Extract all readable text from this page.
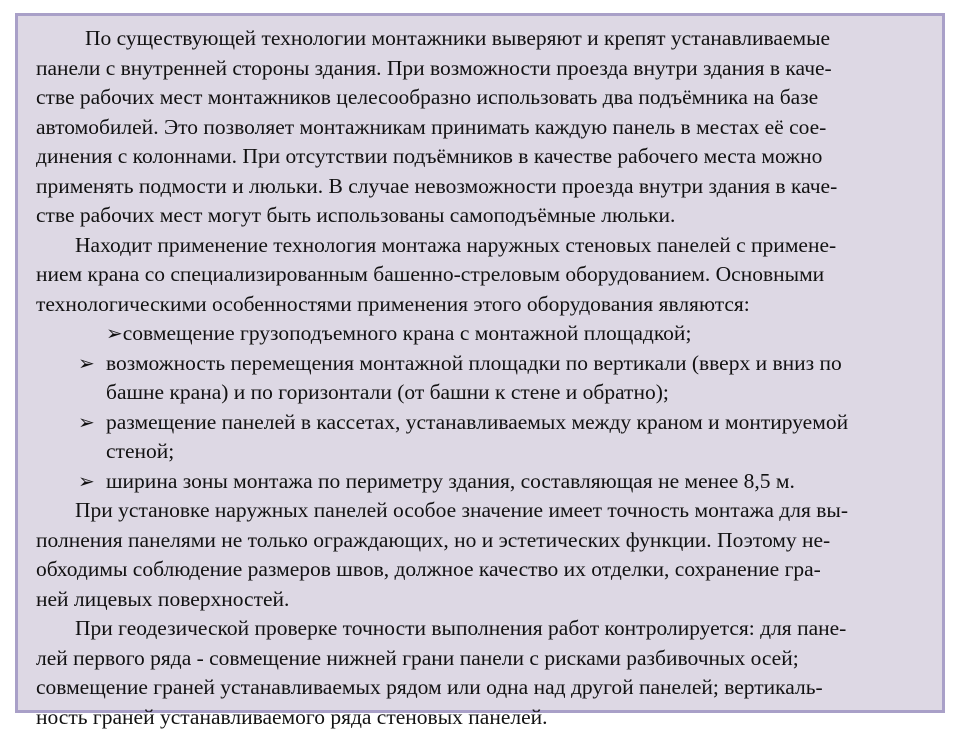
По существующей технологии монтажники выверяют и крепят устанавливаемые
панели с внутренней стороны здания. При возможности проезда внутри здания в каче-
стве рабочих мест монтажников целесообразно использовать два подъёмника на базе
автомобилей. Это позволяет монтажникам принимать каждую панель в местах её сое-
динения с колоннами. При отсутствии подъёмников в качестве рабочего места можно
применять подмости и люльки. В случае невозможности проезда внутри здания в каче-
стве рабочих мест могут быть использованы самоподъёмные люльки.
Находит применение технология монтажа наружных стеновых панелей с примене-
нием крана со специализированным башенно-стреловым оборудованием. Основными
технологическими особенностями применения этого оборудования являются:
➢совмещение грузоподъемного крана с монтажной площадкой;
➢ возможность перемещения монтажной площадки по вертикали (вверх и вниз по
башне крана) и по горизонтали (от башни к стене и обратно);
➢ размещение панелей в кассетах, устанавливаемых между краном и монтируемой
стеной;
➢ ширина зоны монтажа по периметру здания, составляющая не менее 8,5 м.
При установке наружных панелей особое значение имеет точность монтажа для вы-
полнения панелями не только ограждающих, но и эстетических функции. Поэтому не-
обходимы соблюдение размеров швов, должное качество их отделки, сохранение гра-
ней лицевых поверхностей.
При геодезической проверке точности выполнения работ контролируется: для пане-
лей первого ряда - совмещение нижней грани панели с рисками разбивочных осей;
совмещение граней устанавливаемых рядом или одна над другой панелей; вертикаль-
ность граней устанавливаемого ряда стеновых панелей.
